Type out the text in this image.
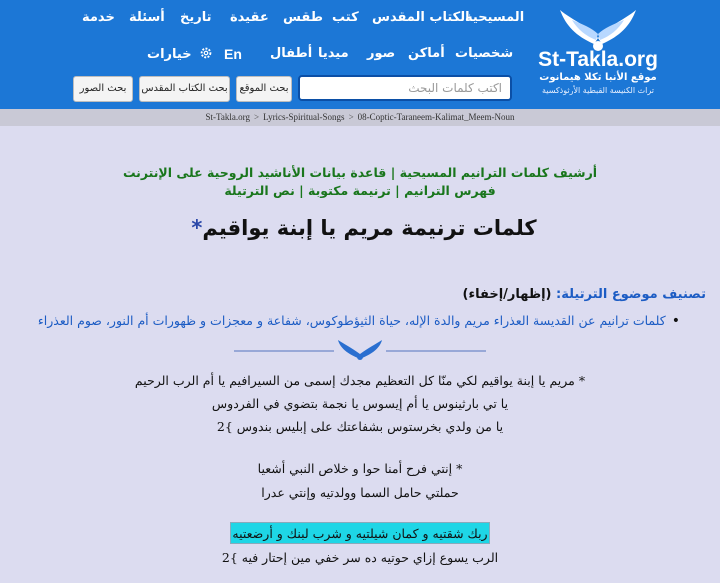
St-Takla.org
موقع الأنبا تكلا هيمانوت
تراث الكنيسة القبطية الأرثوذكسية
المسيحية
الكتاب المقدس
كتب
طقس
عقيدة
تاريخ
أسئلة
خدمة
شخصيات
أماكن
صور
ميديا
أطفال
En
خيارات
اكتب كلمات البحث
بحث الموقع
بحث الكتاب المقدس
بحث الصور
St-Takla.org > Lyrics-Spiritual-Songs > 08-Coptic-Taraneem-Kalimat_Meem-Noun
أرشيف كلمات الترانيم المسيحية | قاعدة بيانات الأناشيد الروحية على الإنترنت
فهرس الترانيم | ترنيمة مكتوبة | نص الترتيلة
كلمات ترنيمة مريم يا إبنة يواقيم*
تصنيف موضوع الترتيلة: (إظهار/إخفاء)
•كلمات ترانيم عن القديسة العذراء مريم والدة الإله، حياة الثيؤطوكوس، شفاعة و معجزات و ظهورات أم النور، صوم العذراء
* مريم يا إبنة يواقيم لكي منّا كل التعظيم مجدك إسمى من السيرافيم يا أم الرب الرحيم
يا تي بارثينوس يا أم إيسوس يا نجمة بتضوي في الفردوس
يا من ولدي بخرستوس بشفاعتك على إبليس بندوس }2
* إنتي فرح أمنا حوا و خلاص النبي أشعيا
حملتي حامل السما وولدتيه وإنتي عدرا
ربك شقتيه و كمان شيلتيه و شرب لبنك و أرضعتيه
الرب يسوع إزاي حوتيه ده سر خفي مين إحتار فيه }2
